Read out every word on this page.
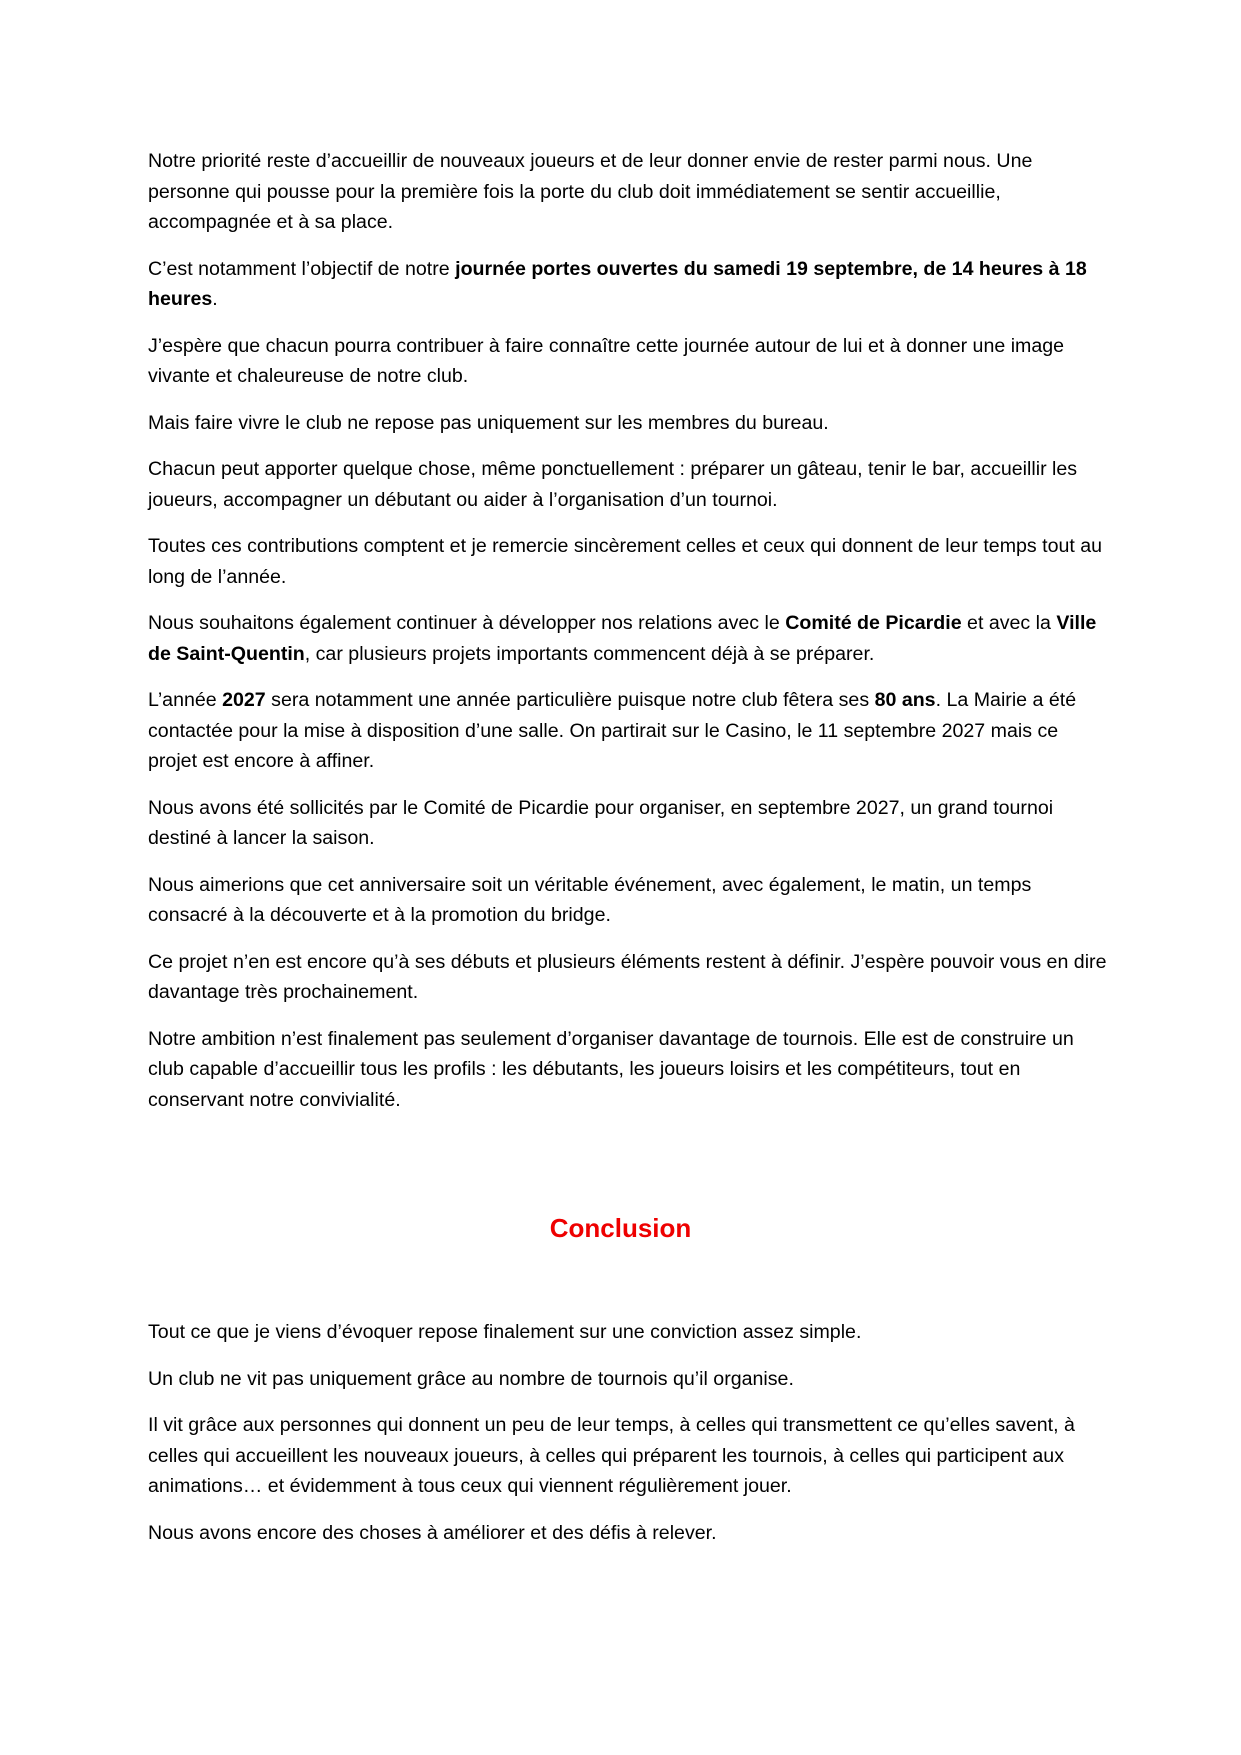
Notre priorité reste d’accueillir de nouveaux joueurs et de leur donner envie de rester parmi nous. Une personne qui pousse pour la première fois la porte du club doit immédiatement se sentir accueillie, accompagnée et à sa place.

C’est notamment l’objectif de notre journée portes ouvertes du samedi 19 septembre, de 14 heures à 18 heures.

J’espère que chacun pourra contribuer à faire connaître cette journée autour de lui et à donner une image vivante et chaleureuse de notre club.

Mais faire vivre le club ne repose pas uniquement sur les membres du bureau.

Chacun peut apporter quelque chose, même ponctuellement : préparer un gâteau, tenir le bar, accueillir les joueurs, accompagner un débutant ou aider à l’organisation d’un tournoi.

Toutes ces contributions comptent et je remercie sincèrement celles et ceux qui donnent de leur temps tout au long de l’année.

Nous souhaitons également continuer à développer nos relations avec le Comité de Picardie et avec la Ville de Saint-Quentin, car plusieurs projets importants commencent déjà à se préparer.

L’année 2027 sera notamment une année particulière puisque notre club fêtera ses 80 ans. La Mairie a été contactée pour la mise à disposition d’une salle. On partirait sur le Casino, le 11 septembre 2027 mais ce projet est encore à affiner.

Nous avons été sollicités par le Comité de Picardie pour organiser, en septembre 2027, un grand tournoi destiné à lancer la saison.

Nous aimerions que cet anniversaire soit un véritable événement, avec également, le matin, un temps consacré à la découverte et à la promotion du bridge.

Ce projet n’en est encore qu’à ses débuts et plusieurs éléments restent à définir. J’espère pouvoir vous en dire davantage très prochainement.

Notre ambition n’est finalement pas seulement d’organiser davantage de tournois. Elle est de construire un club capable d’accueillir tous les profils : les débutants, les joueurs loisirs et les compétiteurs, tout en conservant notre convivialité.

Conclusion

Tout ce que je viens d’évoquer repose finalement sur une conviction assez simple.

Un club ne vit pas uniquement grâce au nombre de tournois qu’il organise.

Il vit grâce aux personnes qui donnent un peu de leur temps, à celles qui transmettent ce qu’elles savent, à celles qui accueillent les nouveaux joueurs, à celles qui préparent les tournois, à celles qui participent aux animations… et évidemment à tous ceux qui viennent régulièrement jouer.

Nous avons encore des choses à améliorer et des défis à relever.
